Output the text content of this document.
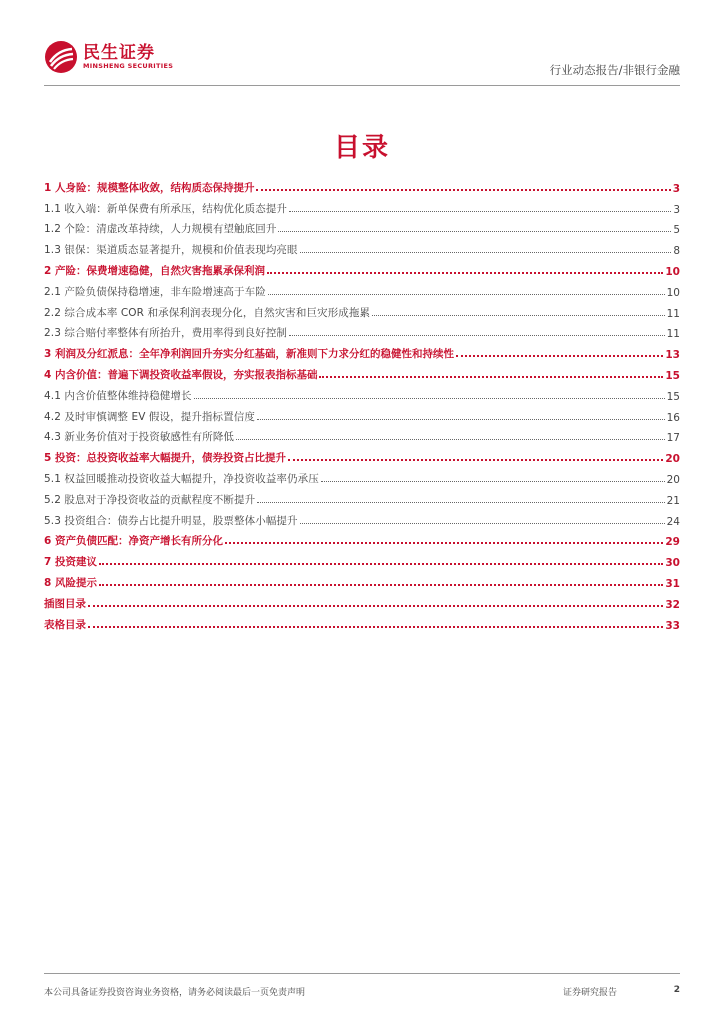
民生证券
MINSHENG SECURITIES	行业动态报告/非银行金融
目录
1 人身险：规模整体收敛，结构质态保持提升	3
1.1 收入端：新单保费有所承压，结构优化质态提升	3
1.2 个险：清虚改革持续，人力规模有望触底回升	5
1.3 银保：渠道质态显著提升，规模和价值表现均亮眼	8
2 产险：保费增速稳健，自然灾害拖累承保利润	10
2.1 产险负债保持稳增速，非车险增速高于车险	10
2.2 综合成本率 COR 和承保利润表现分化，自然灾害和巨灾形成拖累	11
2.3 综合赔付率整体有所抬升，费用率得到良好控制	11
3 利润及分红派息：全年净利润回升夯实分红基础，新准则下力求分红的稳健性和持续性	13
4 内含价值：普遍下调投资收益率假设，夯实报表指标基础	15
4.1 内含价值整体维持稳健增长	15
4.2 及时审慎调整 EV 假设，提升指标置信度	16
4.3 新业务价值对于投资敏感性有所降低	17
5 投资：总投资收益率大幅提升，债券投资占比提升	20
5.1 权益回暖推动投资收益大幅提升，净投资收益率仍承压	20
5.2 股息对于净投资收益的贡献程度不断提升	21
5.3 投资组合：债券占比提升明显，股票整体小幅提升	24
6 资产负债匹配：净资产增长有所分化	29
7 投资建议	30
8 风险提示	31
插图目录	32
表格目录	33
本公司具备证券投资咨询业务资格，请务必阅读最后一页免责声明	证券研究报告	2
